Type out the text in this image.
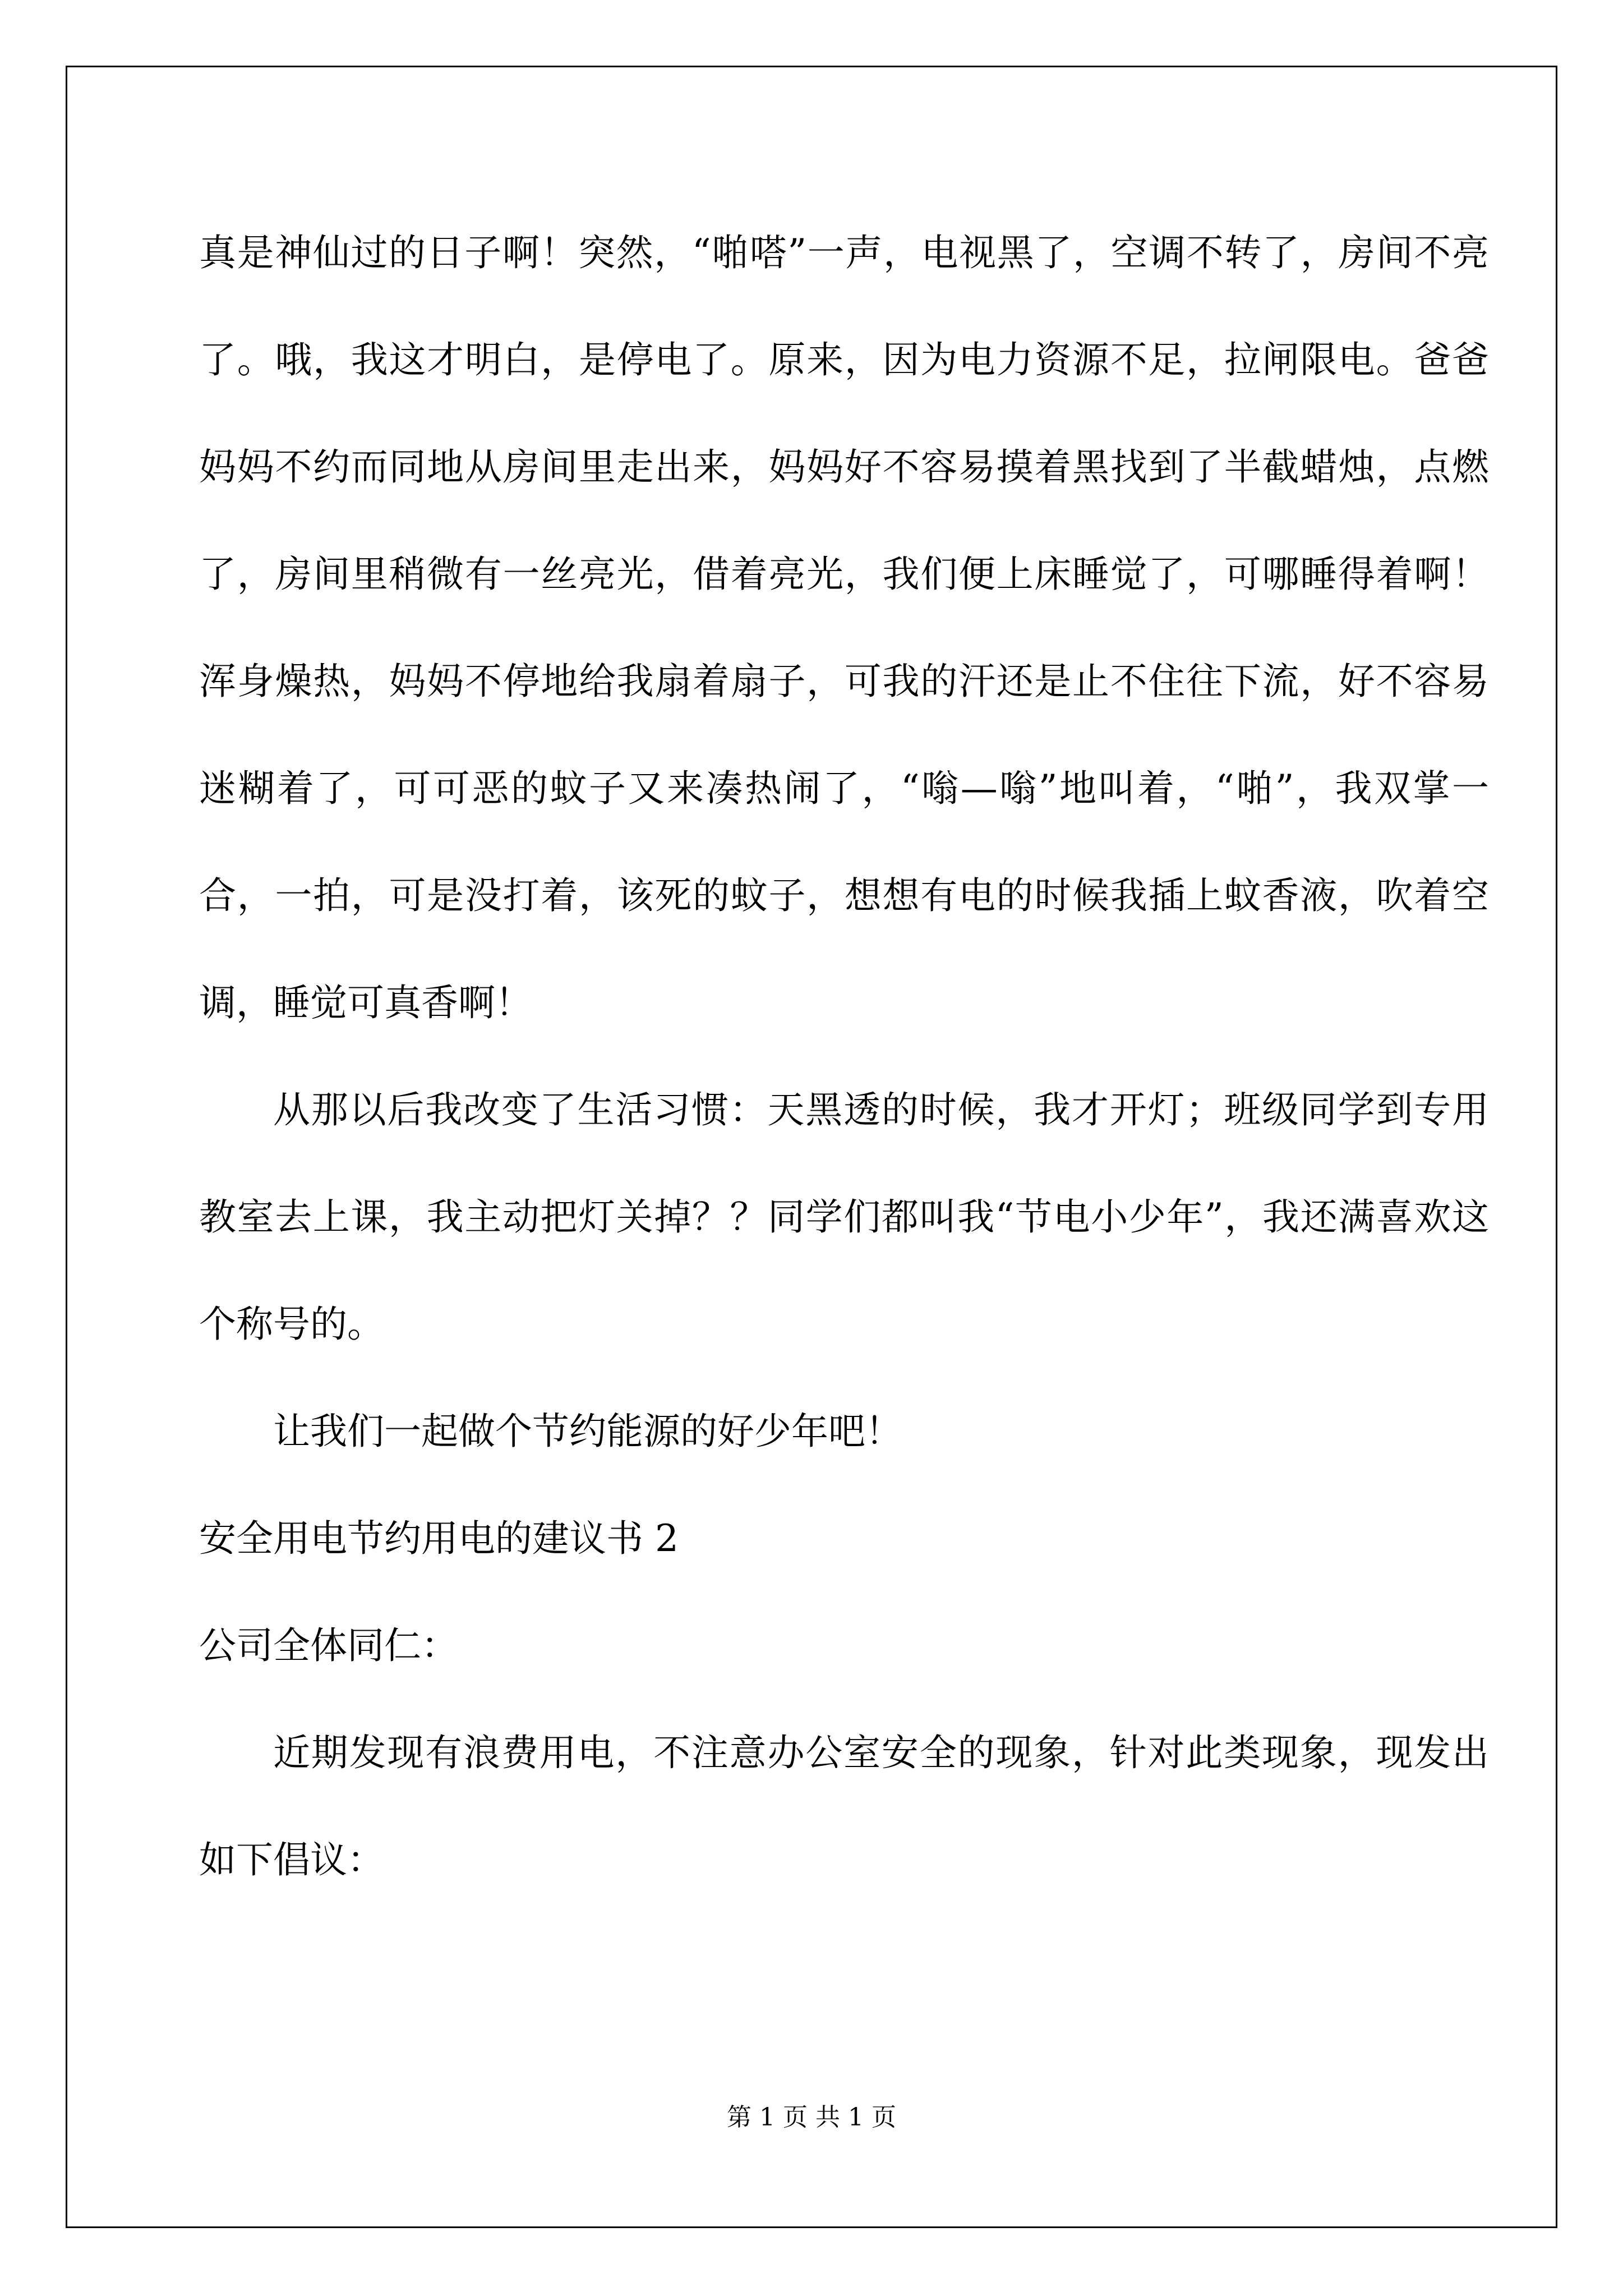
真是神仙过的日子啊！突然，“啪嗒”一声，电视黑了，空调不转了，房间不亮了。哦，我这才明白，是停电了。原来，因为电力资源不足，拉闸限电。爸爸妈妈不约而同地从房间里走出来，妈妈好不容易摸着黑找到了半截蜡烛，点燃了，房间里稍微有一丝亮光，借着亮光，我们便上床睡觉了，可哪睡得着啊！浑身燥热，妈妈不停地给我扇着扇子，可我的汗还是止不住往下流，好不容易迷糊着了，可可恶的蚊子又来凑热闹了，“嗡—嗡”地叫着，“啪”，我双掌一合，一拍，可是没打着，该死的蚊子，想想有电的时候我插上蚊香液，吹着空调，睡觉可真香啊！

从那以后我改变了生活习惯：天黑透的时候，我才开灯；班级同学到专用教室去上课，我主动把灯关掉？？同学们都叫我“节电小少年”，我还满喜欢这个称号的。

让我们一起做个节约能源的好少年吧！

安全用电节约用电的建议书 2

公司全体同仁：

近期发现有浪费用电，不注意办公室安全的现象，针对此类现象，现发出如下倡议：

第 1 页 共 1 页
